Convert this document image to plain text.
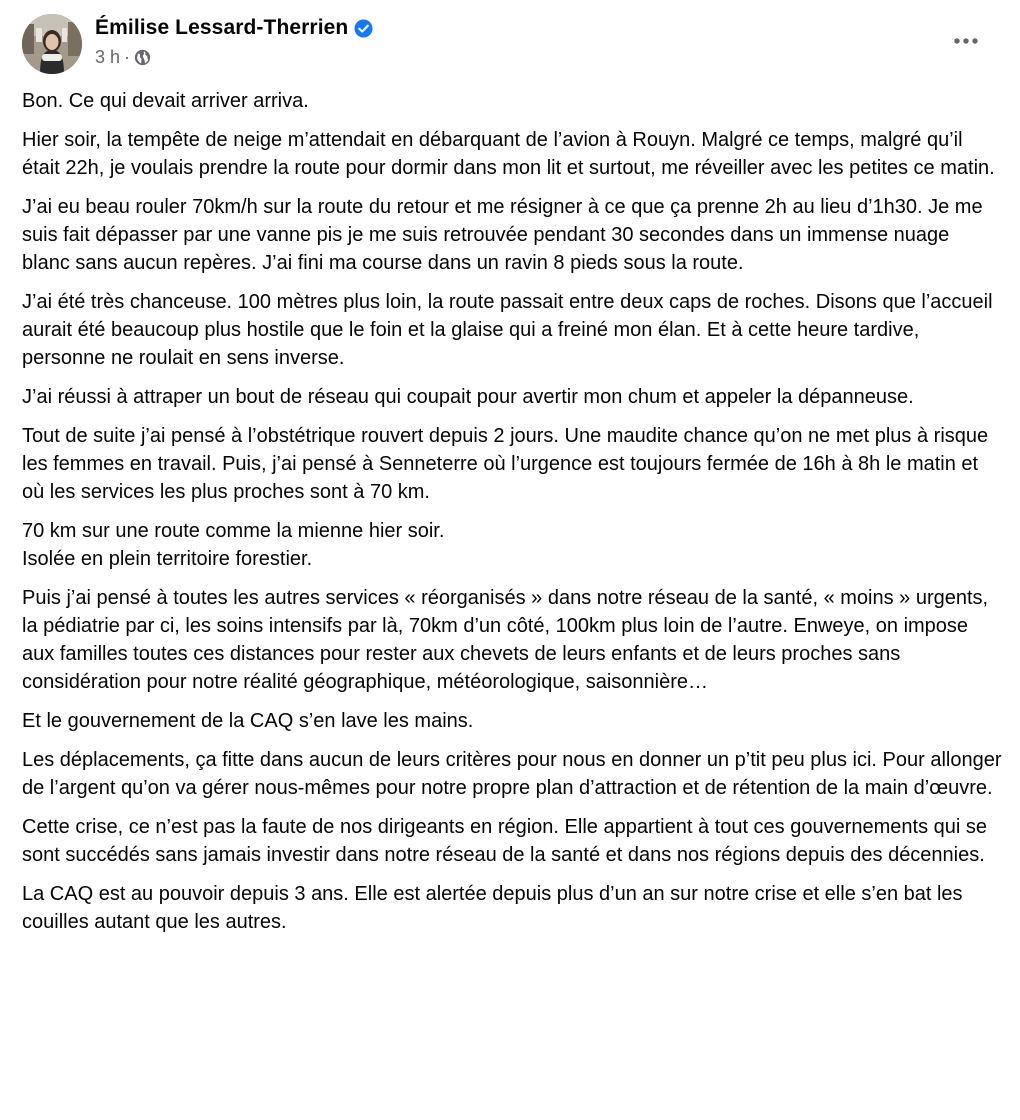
Émilise Lessard-Therrien
3 h ·

Bon. Ce qui devait arriver arriva.

Hier soir, la tempête de neige m’attendait en débarquant de l’avion à Rouyn. Malgré ce temps, malgré qu’il était 22h, je voulais prendre la route pour dormir dans mon lit et surtout, me réveiller avec les petites ce matin.

J’ai eu beau rouler 70km/h sur la route du retour et me résigner à ce que ça prenne 2h au lieu d’1h30. Je me suis fait dépasser par une vanne pis je me suis retrouvée pendant 30 secondes dans un immense nuage blanc sans aucun repères. J’ai fini ma course dans un ravin 8 pieds sous la route.

J’ai été très chanceuse. 100 mètres plus loin, la route passait entre deux caps de roches. Disons que l’accueil aurait été beaucoup plus hostile que le foin et la glaise qui a freiné mon élan. Et à cette heure tardive, personne ne roulait en sens inverse.

J’ai réussi à attraper un bout de réseau qui coupait pour avertir mon chum et appeler la dépanneuse.

Tout de suite j’ai pensé à l’obstétrique rouvert depuis 2 jours. Une maudite chance qu’on ne met plus à risque les femmes en travail. Puis, j’ai pensé à Senneterre où l’urgence est toujours fermée de 16h à 8h le matin et où les services les plus proches sont à 70 km.

70 km sur une route comme la mienne hier soir.
Isolée en plein territoire forestier.

Puis j’ai pensé à toutes les autres services « réorganisés » dans notre réseau de la santé, « moins » urgents, la pédiatrie par ci, les soins intensifs par là, 70km d’un côté, 100km plus loin de l’autre. Enweye, on impose aux familles toutes ces distances pour rester aux chevets de leurs enfants et de leurs proches sans considération pour notre réalité géographique, météorologique, saisonnière…

Et le gouvernement de la CAQ s’en lave les mains.

Les déplacements, ça fitte dans aucun de leurs critères pour nous en donner un p’tit peu plus ici. Pour allonger de l’argent qu’on va gérer nous-mêmes pour notre propre plan d’attraction et de rétention de la main d’œuvre.

Cette crise, ce n’est pas la faute de nos dirigeants en région. Elle appartient à tout ces gouvernements qui se sont succédés sans jamais investir dans notre réseau de la santé et dans nos régions depuis des décennies.

La CAQ est au pouvoir depuis 3 ans. Elle est alertée depuis plus d’un an sur notre crise et elle s’en bat les couilles autant que les autres.
